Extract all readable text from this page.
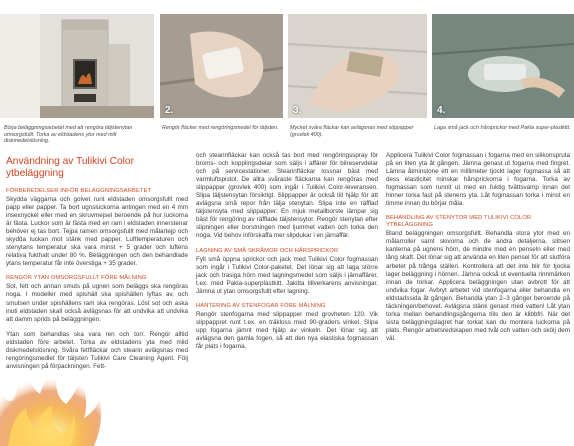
2.	3.	4.
Börja beläggningsarbetet med att rengöra täljstenytan omsorgsfullt. Torka av eldstadens ytor med milt diskmedelslösning.
Rengör fläcker med rengöringsmedel för täljsten.	Mycket svåra fläckar kan avlägsnas med slippapper (grovlek 400).
Laga små jack och hårsprickor med Pakla super-plastkitt.
Användning av Tulikivi Color ytbeläggning
FÖRBEREDELSER INFÖR BELÄGGNINGSARBETET

Skydda väggarna och golvet runt eldstaden omsorgsfullt med papp eller papper. Ta bort ugnsluckorna antingen med en 4 mm insexnyckel eller med en skruvmejsel beroende på hur luckorna är fästa. Luckor som är fästa med en ram i eldstaden innerstenar behöver ej tas bort. Tejpa ramen omsorgsfullt med målartejp och skydda luckan mot stänk med papper. Lufttemperaturen och stenytans temperatur ska vara minst + 5 grader och luftens relativa fukthalt under 80 %. Beläggningen och den behandlade ytans temperatur får inte överstiga + 35 grader.

RENGÖR YTAN OMSORGSFULLT FÖRE MÅLNING

Sot, fett och annan smuts på ugnen som beläggs ska rengöras noga. I modeller med spishäll ska spishällen lyftas av, och smutsen under spishällens ram ska rengöras. Löst sot och aska inuti eldstaden skall också avlägsnas för att undvika att undvika att damm sprids på beläggningen.

Ytan som behandlas ska vara ren och torr. Rengör alltid eldstaden före arbetet. Torka av eldstadens yta med mild diskmedelslösning. Svåra fettfläckar och stearin avlägsnas med rengöringsmedlet för täljsten Tulikivi Care Cleaning Agent. Följ anvisningen på förpackningen. Fett-

och stearinfläckar kan också tas bort med rengöringsspray för broms- och kopplingsdelar som säljs i affärer för bilreservdelar och på servicestationer. Stearinfläckar lossnar bäst med varmluftspistol. De allra svåraste fläckarna kan rengöras med slippapper (grovlek 400) som ingår i Tulikivi Color-leveransen. Slipa täljstensytan försiktigt. Slippapper är också till hjälp för att avlägsna små repor från tälja stenytan. Slipa inte en räfflad täljstensyta med slippapper. En mjuk metallborste lämpar sig bäst för rengöring av räfflade täljstensytor. Rengör stenytan efter slipningen eller borstningen med ljummet vatten och torka den noga. Vid behov införskaffa mer slipdukar i en järnaffär.

LAGNING AV SMÅ SKRÅMOR OCH HÅRSPRICKOR

Fyll små öppna sprickor och jack med Tulikivi Color fogmassan som ingår i Tulikivi Color-paketet. Det lönar sig att laga större jack och trasiga hörn med lagningsmedel som säljs i järnaffärer, t.ex. med Pakla-superplastkitt. Jakitta tillverkarens anvisningar. Jämna ut ytan omsorgsfullt efter lagning.

HANTERING AV STENFOGAR FÖRE MÅLNING

Rengör stenfogarna med slippapper med grovheten 120. Vik slippappret runt t.ex. en träkloss med 90-graders vinkel. Slipa upp fogarna jämnt med hjälp av vinkeln. Det lönar sig att avlägsna den gamla fogen, så att den nya elastiska fogmassan får plats i fogarna.

Applicera Tulikivi Color fogmassan i fogarna med en silikonspruta på en liten yta åt gången. Jämna genast ut fogarna med fingret. Lämna åtminstone ett en millimeter tjockt lager fogmassa så att dess elasticitet minskar hårsprickorna i fogarna. Torka av fogmassan som runnit ut med en fuktig tvättsvamp innan det hinner torka fast på stenens yta. Låt fogmassan torka i minst en timme innan du börjar måla.

BEHANDLING AV STENYTOR MED TULIKIVI COLOR YTBELÄGGNING

Bland beläggningen omsorgsfullt. Behandla stora ytor med en målarroller samt skivorna och de andra detaljerna, slitsen kanterna på ugnens hörn, de mindre med en penseln eller med lång skaft. Det lönar sig att använda en liten pensel för att slutföra arbetet på trånga ställen. Kontrollera att det inte blir för tjocka lager beläggning i hörnen. Jämna också ut eventuella rinnmärken innan de torkar. Applicera beläggningen utan avbrott för att undvika fogar. Avbryt arbetet vid stenfogarna eller behandla en eldstadssida åt gången. Behandla ytan 2–3 gånger beroende på täckningen/behovet. Avlägsna stänk genast med vatten! Låt ytan torka mellan behandlingsgångerna tills den är klibbfri. När det sista beläggningslagret har torkat kan du montera luckorna på plats. Rengör arbetsredskapen med tvål och vatten och skölj dem väl.
